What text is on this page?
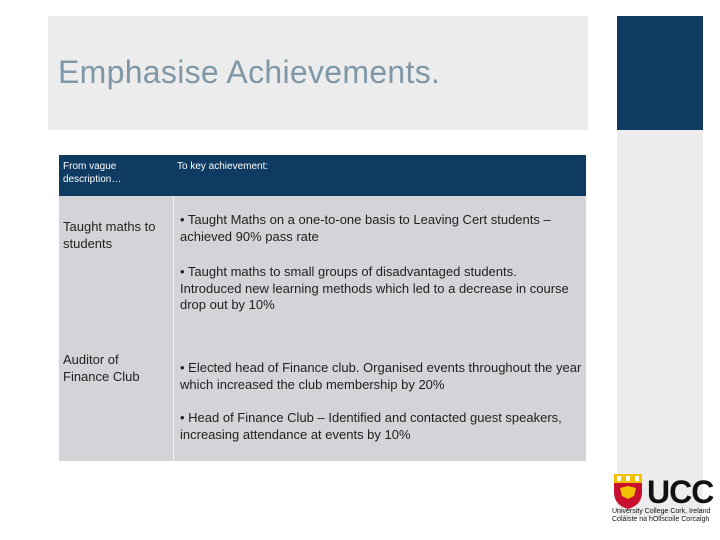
Emphasise Achievements.
From vague description…
To key achievement:
Taught maths to students
• Taught Maths on a one-to-one basis to Leaving Cert students – achieved 90% pass rate
• Taught maths to small groups of disadvantaged students. Introduced new learning methods which led to a decrease in course drop out by 10%
Auditor of Finance Club
• Elected head of Finance club. Organised events throughout the year which increased the club membership by 20%
• Head of Finance Club – Identified and contacted guest speakers, increasing attendance at events by 10%
UCC
University College Cork, Ireland
Coláiste na hOllscoile Corcaigh
